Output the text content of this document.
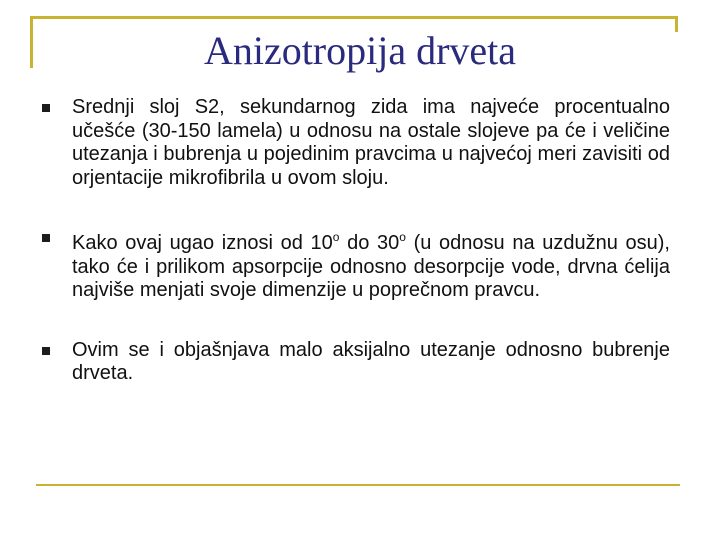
Anizotropija drveta
Srednji sloj S2, sekundarnog zida ima najveće procentualno učešće (30-150 lamela) u odnosu na ostale slojeve pa će i veličine utezanja i bubrenja u pojedinim pravcima u najvećoj meri zavisiti od orjentacije mikrofibrila u ovom sloju.
Kako ovaj ugao iznosi od 10$^o$ do 30$^o$ (u odnosu na uzdužnu osu), tako će i prilikom apsorpcije odnosno desorpcije vode, drvna ćelija najviše menjati svoje dimenzije u poprečnom pravcu.
Ovim se i objašnjava malo aksijalno utezanje odnosno bubrenje drveta.
